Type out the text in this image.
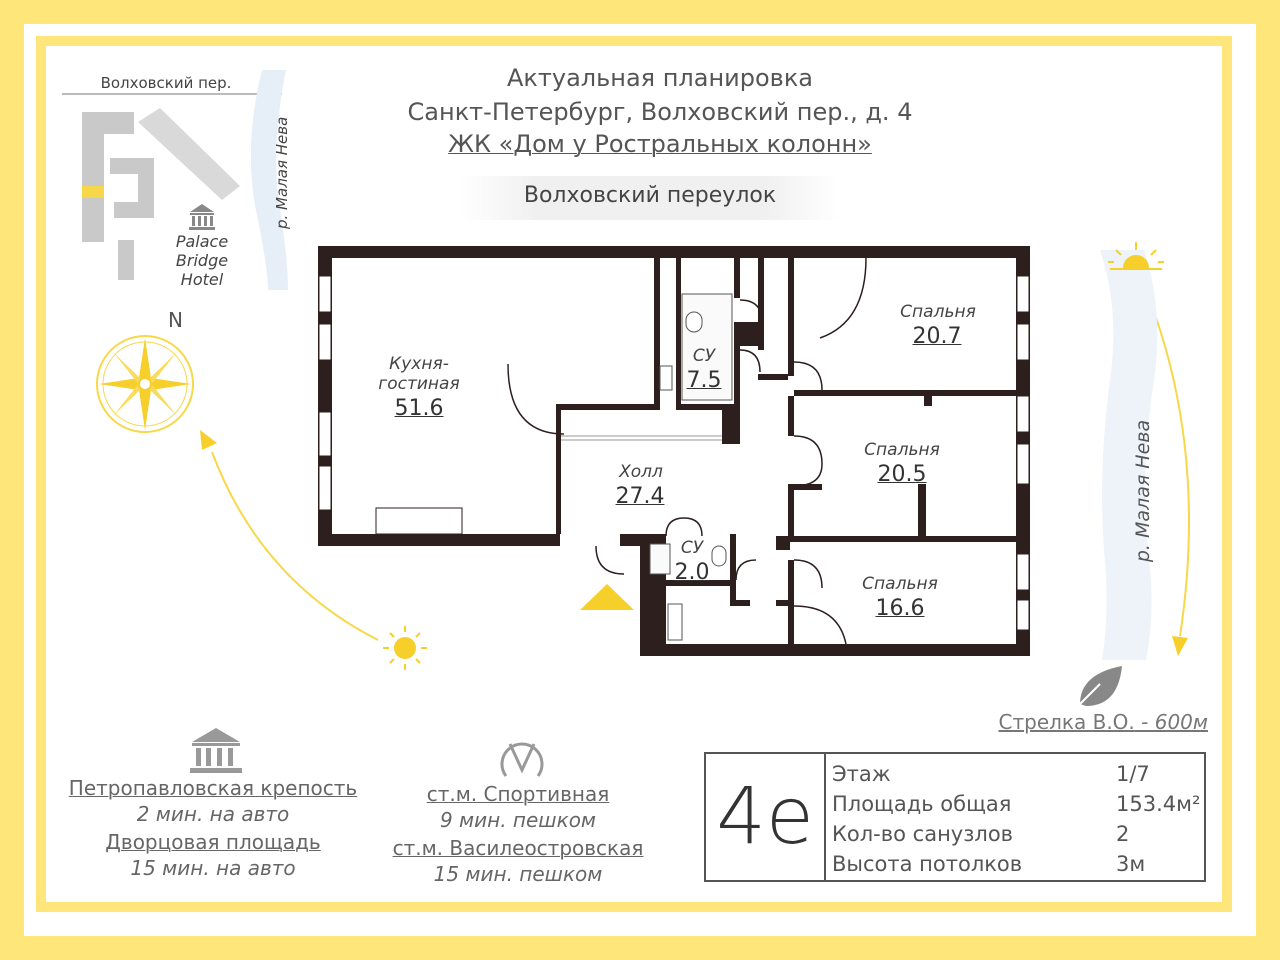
Актуальная планировка
Санкт-Петербург, Волховский пер., д. 4
ЖК «Дом у Ростральных колонн»
Волховский переулок
Волховский пер.
р. Малая Нева
Palace
Bridge
Hotel
N
Кухня-
гостиная
51.6
СУ
7.5
Холл
27.4
СУ
2.0
Спальня
20.7
Спальня
20.5
Спальня
16.6
р. Малая Нева
Стрелка В.О. - 600м
Петропавловская крепость
2 мин. на авто
Дворцовая площадь
15 мин. на авто
ст.м. Спортивная
9 мин. пешком
ст.м. Василеостровская
15 мин. пешком
4е Этаж	1/7
Площадь общая	153.4м²
Кол-во санузлов	2
Высота потолков	3м
